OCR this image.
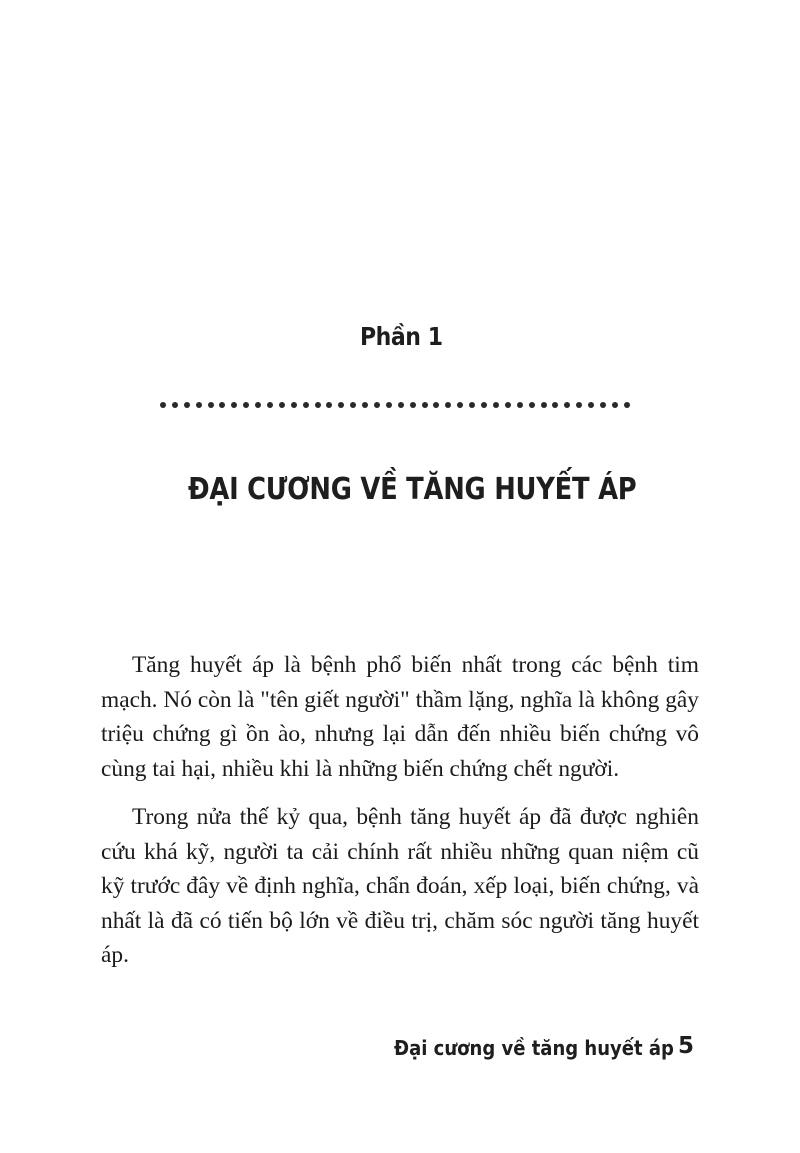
Phần 1
ĐẠI CƯƠNG VỀ TĂNG HUYẾT ÁP

Tăng huyết áp là bệnh phổ biến nhất trong các bệnh tim mạch. Nó còn là "tên giết người" thầm lặng, nghĩa là không gây triệu chứng gì ồn ào, nhưng lại dẫn đến nhiều biến chứng vô cùng tai hại, nhiều khi là những biến chứng chết người.

Trong nửa thế kỷ qua, bệnh tăng huyết áp đã được nghiên cứu khá kỹ, người ta cải chính rất nhiều những quan niệm cũ kỹ trước đây về định nghĩa, chẩn đoán, xếp loại, biến chứng, và nhất là đã có tiến bộ lớn về điều trị, chăm sóc người tăng huyết áp.

Đại cương về tăng huyết áp 5
